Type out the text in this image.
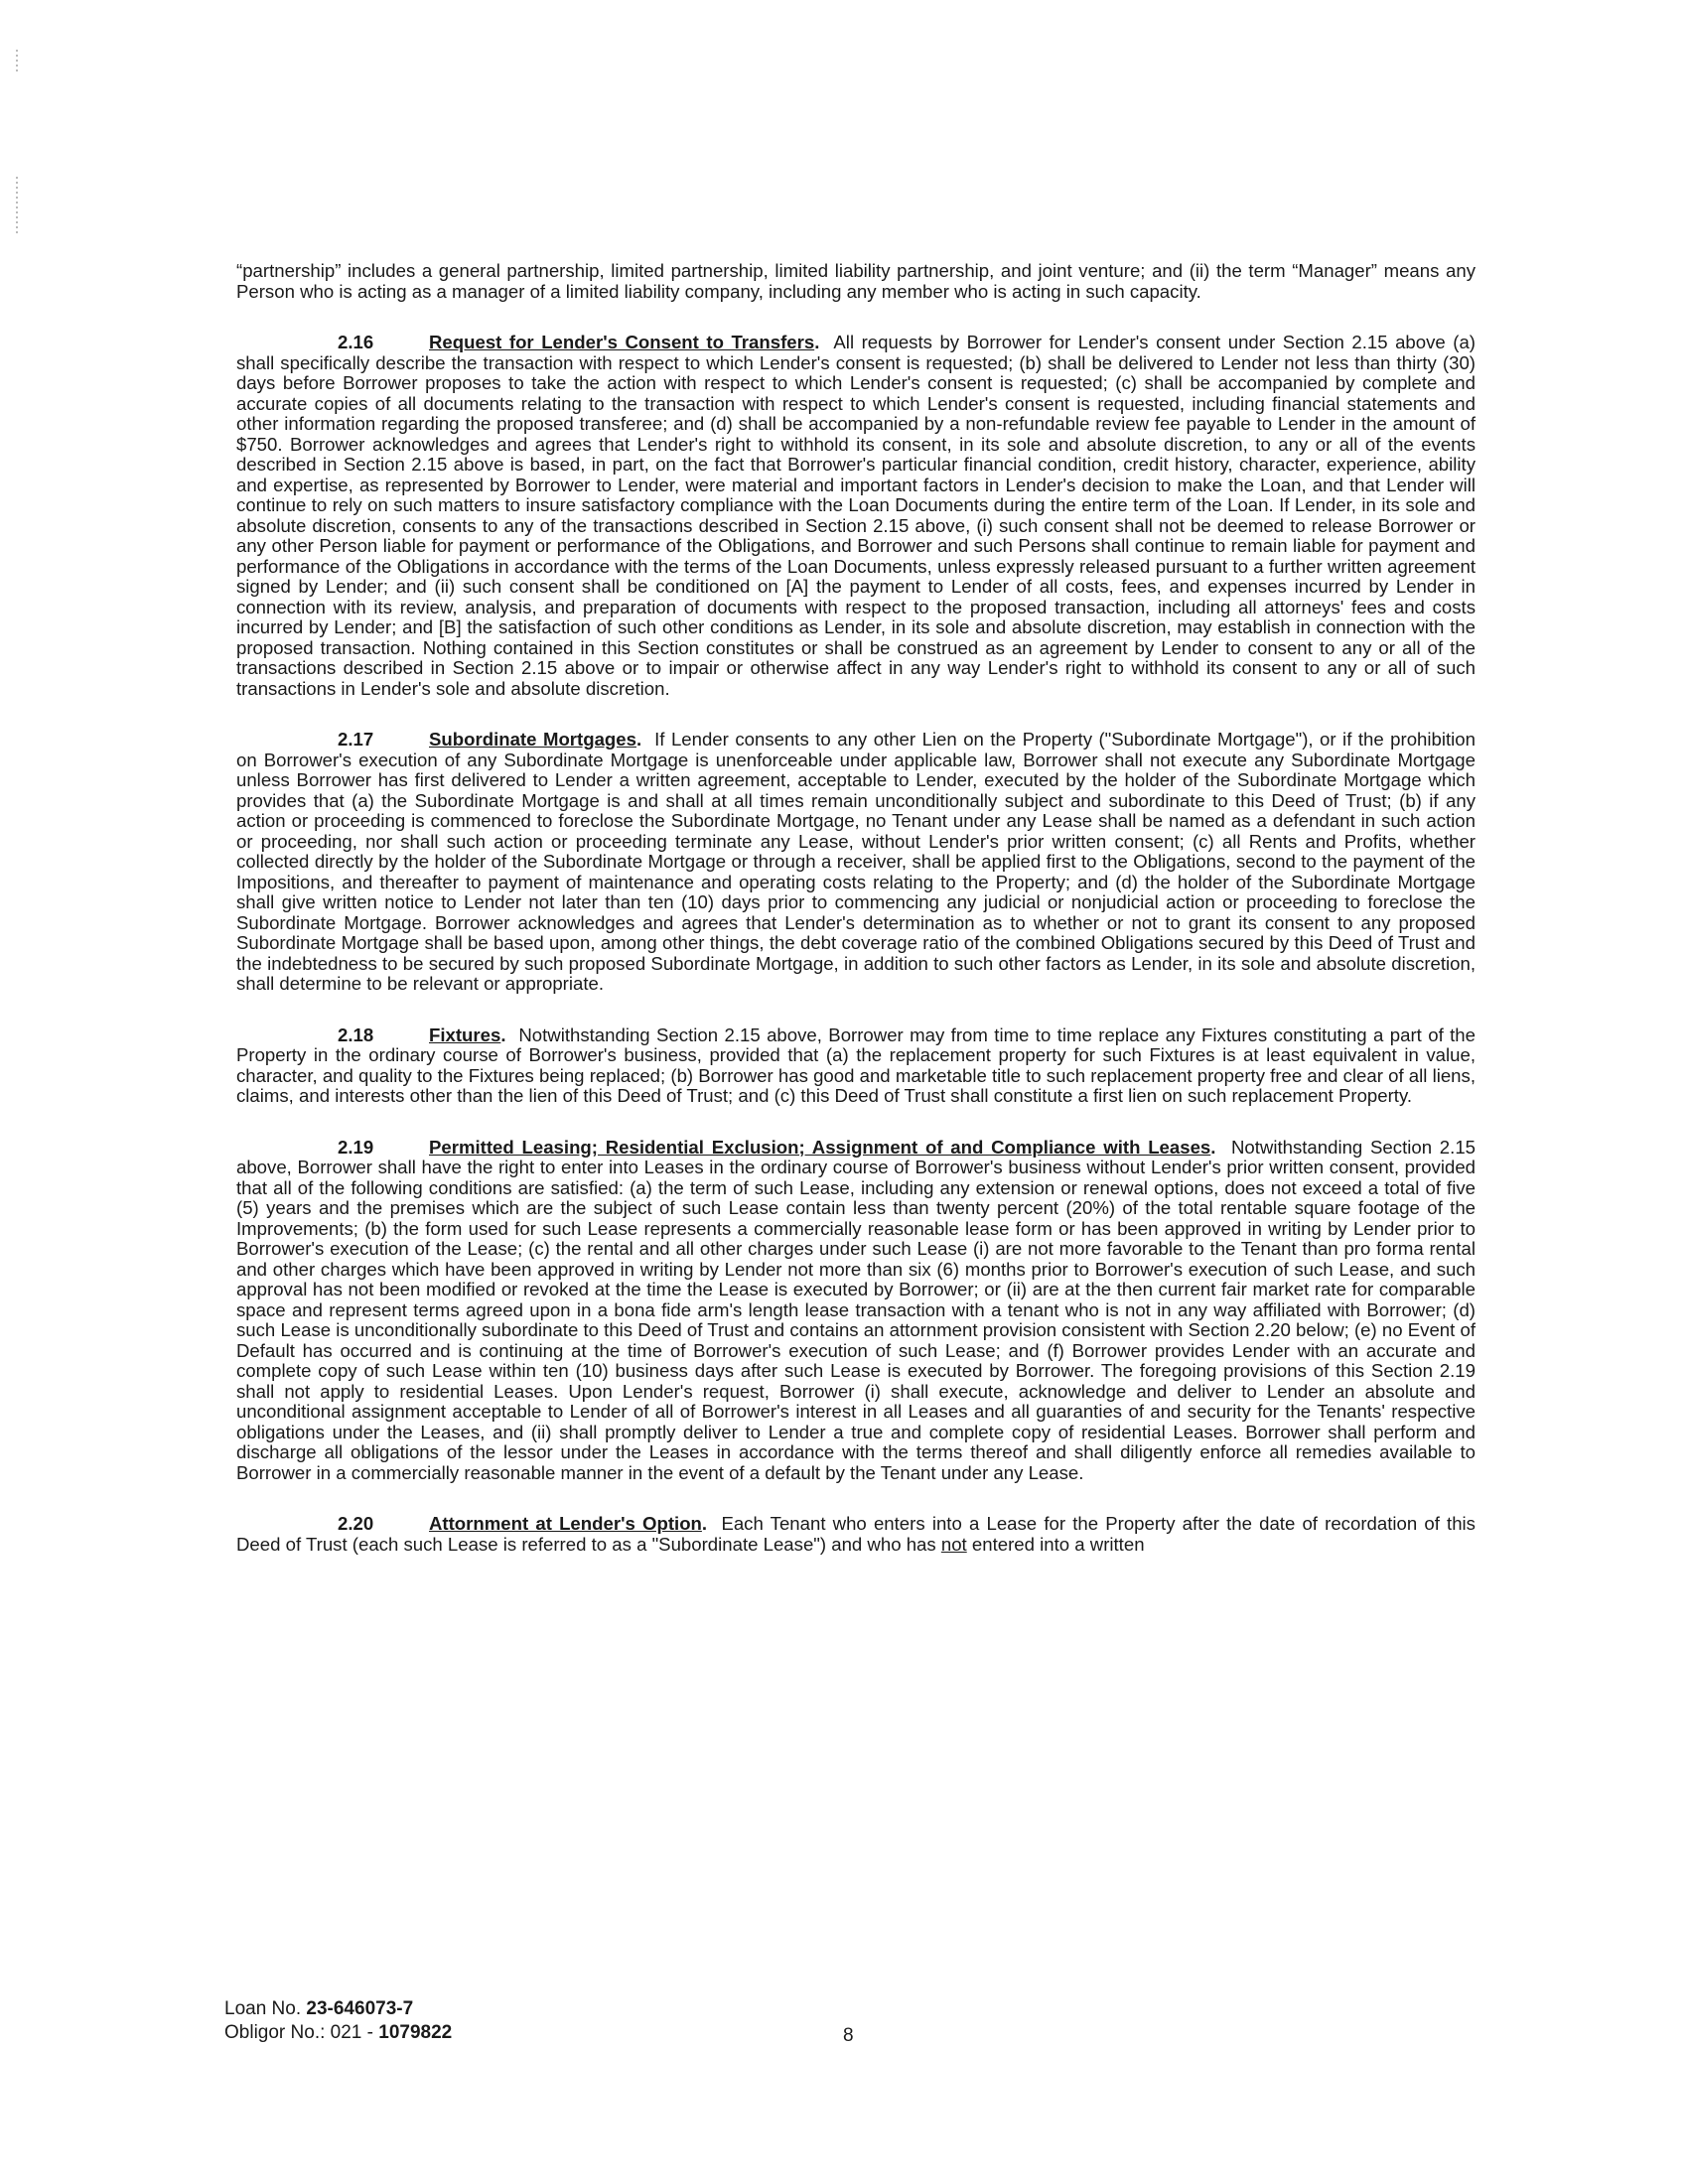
“partnership” includes a general partnership, limited partnership, limited liability partnership, and joint venture; and (ii) the term “Manager” means any Person who is acting as a manager of a limited liability company, including any member who is acting in such capacity.

2.16	Request for Lender's Consent to Transfers. All requests by Borrower for Lender's consent under Section 2.15 above (a) shall specifically describe the transaction with respect to which Lender's consent is requested; (b) shall be delivered to Lender not less than thirty (30) days before Borrower proposes to take the action with respect to which Lender's consent is requested; (c) shall be accompanied by complete and accurate copies of all documents relating to the transaction with respect to which Lender's consent is requested, including financial statements and other information regarding the proposed transferee; and (d) shall be accompanied by a non-refundable review fee payable to Lender in the amount of $750. Borrower acknowledges and agrees that Lender's right to withhold its consent, in its sole and absolute discretion, to any or all of the events described in Section 2.15 above is based, in part, on the fact that Borrower's particular financial condition, credit history, character, experience, ability and expertise, as represented by Borrower to Lender, were material and important factors in Lender's decision to make the Loan, and that Lender will continue to rely on such matters to insure satisfactory compliance with the Loan Documents during the entire term of the Loan. If Lender, in its sole and absolute discretion, consents to any of the transactions described in Section 2.15 above, (i) such consent shall not be deemed to release Borrower or any other Person liable for payment or performance of the Obligations, and Borrower and such Persons shall continue to remain liable for payment and performance of the Obligations in accordance with the terms of the Loan Documents, unless expressly released pursuant to a further written agreement signed by Lender; and (ii) such consent shall be conditioned on [A] the payment to Lender of all costs, fees, and expenses incurred by Lender in connection with its review, analysis, and preparation of documents with respect to the proposed transaction, including all attorneys' fees and costs incurred by Lender; and [B] the satisfaction of such other conditions as Lender, in its sole and absolute discretion, may establish in connection with the proposed transaction. Nothing contained in this Section constitutes or shall be construed as an agreement by Lender to consent to any or all of the transactions described in Section 2.15 above or to impair or otherwise affect in any way Lender's right to withhold its consent to any or all of such transactions in Lender's sole and absolute discretion.

2.17	Subordinate Mortgages. If Lender consents to any other Lien on the Property ("Subordinate Mortgage"), or if the prohibition on Borrower's execution of any Subordinate Mortgage is unenforceable under applicable law, Borrower shall not execute any Subordinate Mortgage unless Borrower has first delivered to Lender a written agreement, acceptable to Lender, executed by the holder of the Subordinate Mortgage which provides that (a) the Subordinate Mortgage is and shall at all times remain unconditionally subject and subordinate to this Deed of Trust; (b) if any action or proceeding is commenced to foreclose the Subordinate Mortgage, no Tenant under any Lease shall be named as a defendant in such action or proceeding, nor shall such action or proceeding terminate any Lease, without Lender's prior written consent; (c) all Rents and Profits, whether collected directly by the holder of the Subordinate Mortgage or through a receiver, shall be applied first to the Obligations, second to the payment of the Impositions, and thereafter to payment of maintenance and operating costs relating to the Property; and (d) the holder of the Subordinate Mortgage shall give written notice to Lender not later than ten (10) days prior to commencing any judicial or nonjudicial action or proceeding to foreclose the Subordinate Mortgage. Borrower acknowledges and agrees that Lender's determination as to whether or not to grant its consent to any proposed Subordinate Mortgage shall be based upon, among other things, the debt coverage ratio of the combined Obligations secured by this Deed of Trust and the indebtedness to be secured by such proposed Subordinate Mortgage, in addition to such other factors as Lender, in its sole and absolute discretion, shall determine to be relevant or appropriate.

2.18	Fixtures. Notwithstanding Section 2.15 above, Borrower may from time to time replace any Fixtures constituting a part of the Property in the ordinary course of Borrower's business, provided that (a) the replacement property for such Fixtures is at least equivalent in value, character, and quality to the Fixtures being replaced; (b) Borrower has good and marketable title to such replacement property free and clear of all liens, claims, and interests other than the lien of this Deed of Trust; and (c) this Deed of Trust shall constitute a first lien on such replacement Property.

2.19	Permitted Leasing; Residential Exclusion; Assignment of and Compliance with Leases. Notwithstanding Section 2.15 above, Borrower shall have the right to enter into Leases in the ordinary course of Borrower's business without Lender's prior written consent, provided that all of the following conditions are satisfied: (a) the term of such Lease, including any extension or renewal options, does not exceed a total of five (5) years and the premises which are the subject of such Lease contain less than twenty percent (20%) of the total rentable square footage of the Improvements; (b) the form used for such Lease represents a commercially reasonable lease form or has been approved in writing by Lender prior to Borrower's execution of the Lease; (c) the rental and all other charges under such Lease (i) are not more favorable to the Tenant than pro forma rental and other charges which have been approved in writing by Lender not more than six (6) months prior to Borrower's execution of such Lease, and such approval has not been modified or revoked at the time the Lease is executed by Borrower; or (ii) are at the then current fair market rate for comparable space and represent terms agreed upon in a bona fide arm's length lease transaction with a tenant who is not in any way affiliated with Borrower; (d) such Lease is unconditionally subordinate to this Deed of Trust and contains an attornment provision consistent with Section 2.20 below; (e) no Event of Default has occurred and is continuing at the time of Borrower's execution of such Lease; and (f) Borrower provides Lender with an accurate and complete copy of such Lease within ten (10) business days after such Lease is executed by Borrower. The foregoing provisions of this Section 2.19 shall not apply to residential Leases. Upon Lender's request, Borrower (i) shall execute, acknowledge and deliver to Lender an absolute and unconditional assignment acceptable to Lender of all of Borrower's interest in all Leases and all guaranties of and security for the Tenants' respective obligations under the Leases, and (ii) shall promptly deliver to Lender a true and complete copy of residential Leases. Borrower shall perform and discharge all obligations of the lessor under the Leases in accordance with the terms thereof and shall diligently enforce all remedies available to Borrower in a commercially reasonable manner in the event of a default by the Tenant under any Lease.

2.20	Attornment at Lender's Option. Each Tenant who enters into a Lease for the Property after the date of recordation of this Deed of Trust (each such Lease is referred to as a "Subordinate Lease") and who has not entered into a written

Loan No. 23-646073-7
Obligor No.: 021 - 1079822	8
